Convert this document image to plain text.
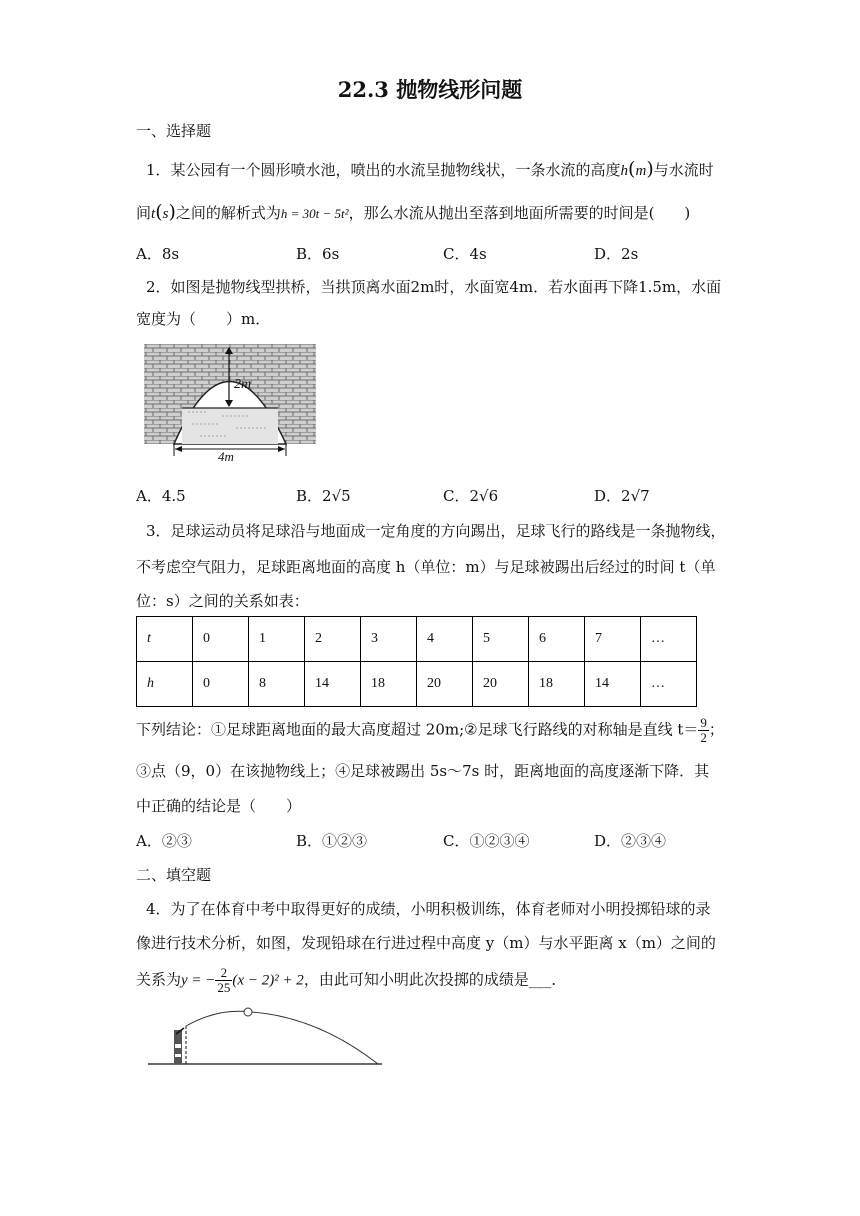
22.3 抛物线形问题
一、选择题
1．某公园有一个圆形喷水池，喷出的水流呈抛物线状，一条水流的高度h(m)与水流时
间t(s)之间的解析式为h = 30t − 5t²，那么水流从抛出至落到地面所需要的时间是(　　)
A．8s	B．6s	C．4s	D．2s
2．如图是抛物线型拱桥，当拱顶离水面2m时，水面宽4m．若水面再下降1.5m，水面
宽度为（　　）m．
2m
4m
A．4.5	B．2√5	C．2√6	D．2√7
3．足球运动员将足球沿与地面成一定角度的方向踢出，足球飞行的路线是一条抛物线，
不考虑空气阻力，足球距离地面的高度 h（单位：m）与足球被踢出后经过的时间 t（单
位：s）之间的关系如表：
t	0	1	2	3	4	5	6	7	…
h	0	8	14	18	20	20	18	14	…
下列结论：①足球距离地面的最大高度超过 20m;②足球飞行路线的对称轴是直线 $t= \frac{9}{2}$ ；
③点（9，0）在该抛物线上；④足球被踢出 5s～7s 时，距离地面的高度逐渐下降．其
中正确的结论是（　　）
A．②③	B．①②③	C．①②③④	D．②③④
二、填空题
4．为了在体育中考中取得更好的成绩，小明积极训练，体育老师对小明投掷铅球的录
像进行技术分析，如图，发现铅球在行进过程中高度 y（m）与水平距离 x（m）之间的
关系为y = − $\frac{2}{25} (x - 2)^2 + 2$，由此可知小明此次投掷的成绩是___．
